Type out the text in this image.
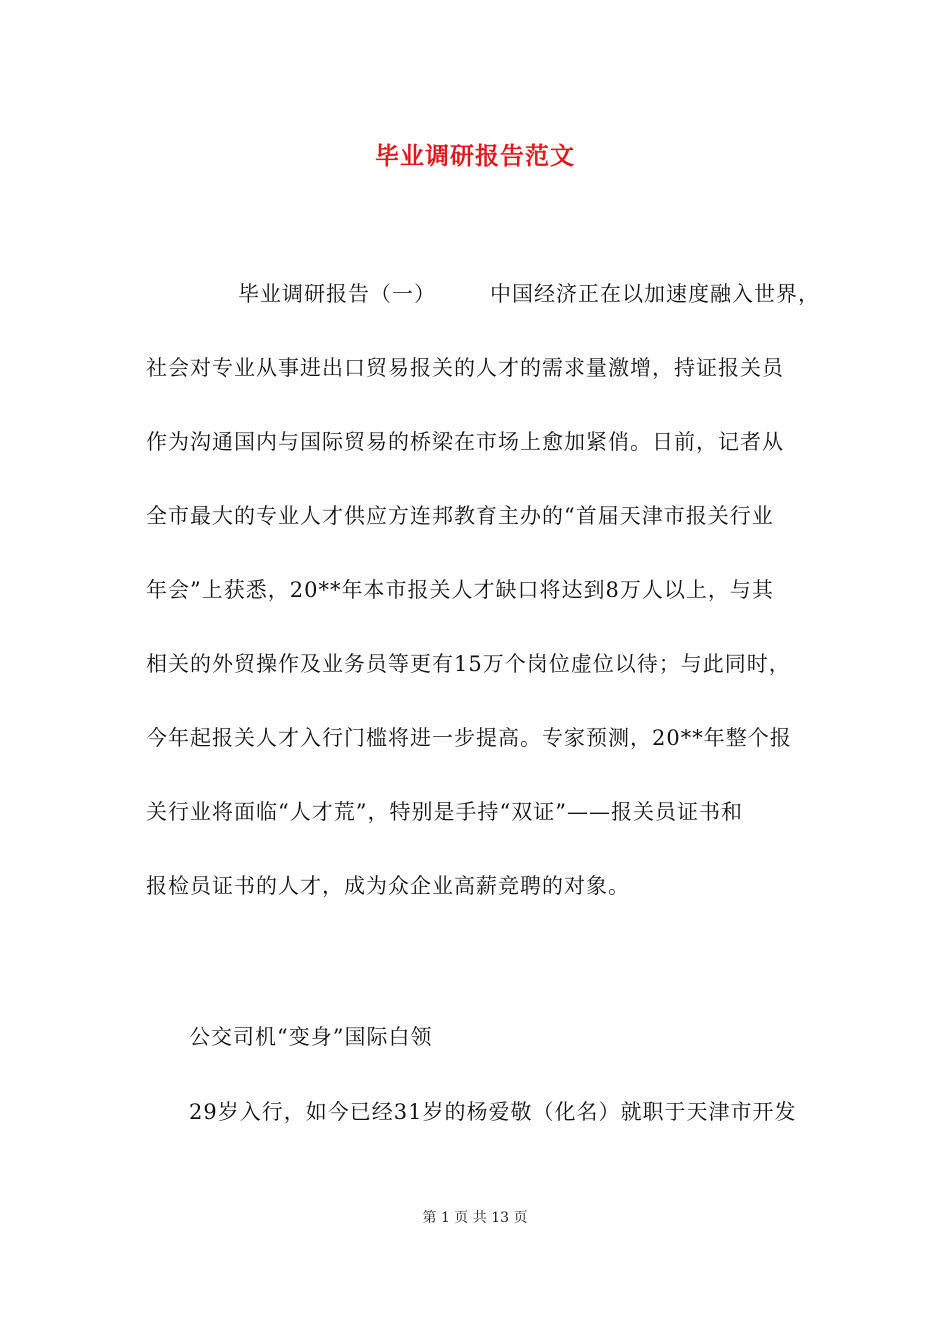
毕业调研报告范文
毕业调研报告（一）	中国经济正在以加速度融入世界，
社会对专业从事进出口贸易报关的人才的需求量激增，持证报关员
作为沟通国内与国际贸易的桥梁在市场上愈加紧俏。日前，记者从
全市最大的专业人才供应方连邦教育主办的“首届天津市报关行业
年会”上获悉，20**年本市报关人才缺口将达到8万人以上，与其
相关的外贸操作及业务员等更有15万个岗位虚位以待；与此同时，
今年起报关人才入行门槛将进一步提高。专家预测，20**年整个报
关行业将面临“人才荒”，特别是手持“双证”——报关员证书和
报检员证书的人才，成为众企业高薪竞聘的对象。
公交司机“变身”国际白领
29岁入行，如今已经31岁的杨爱敬（化名）就职于天津市开发
第 1 页 共 13 页
